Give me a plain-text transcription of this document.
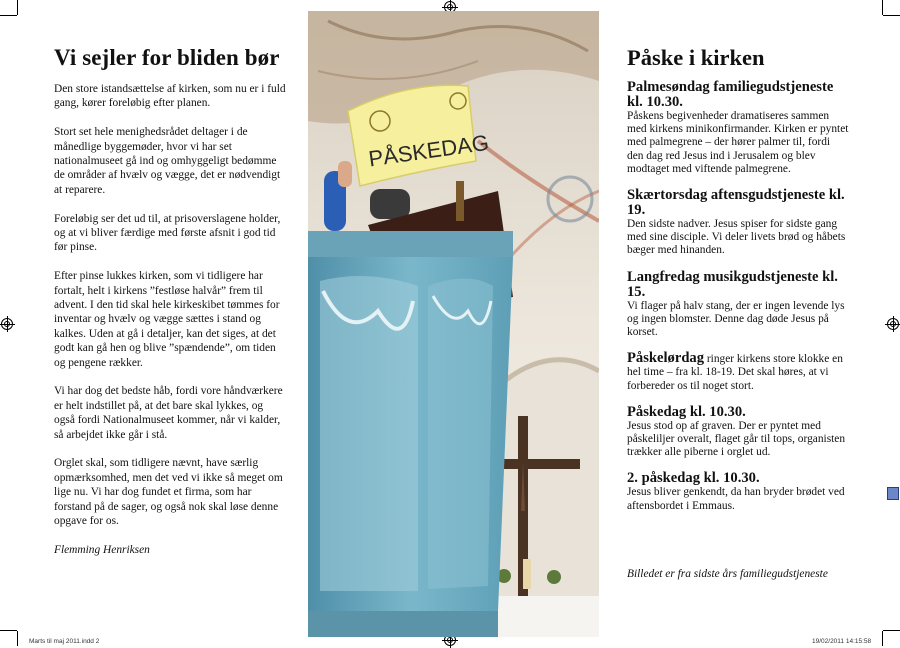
Vi sejler for bliden bør

Den store istandsættelse af kirken, som nu er i fuld gang, kører foreløbig efter planen.

Stort set hele menighedsrådet deltager i de månedlige byggemøder, hvor vi har set nationalmuseet gå ind og omhyggeligt bedømme de områder af hvælv og vægge, det er nødvendigt at reparere.

Foreløbig ser det ud til, at prisoverslagene holder, og at vi bliver færdige med første afsnit i god tid før pinse.

Efter pinse lukkes kirken, som vi tidligere har fortalt, helt i kirkens ”festløse halvår” frem til advent. I den tid skal hele kirkeskibet tømmes for inventar og hvælv og vægge sættes i stand og kalkes. Uden at gå i detaljer, kan det siges, at det godt kan gå hen og blive ”spændende”, om tiden og pengene rækker.

Vi har dog det bedste håb, fordi vore håndværkere er helt indstillet på, at det bare skal lykkes, og også fordi Nationalmuseet kommer, når vi kalder, så arbejdet ikke går i stå.

Orglet skal, som tidligere nævnt, have særlig opmærksomhed, men det ved vi ikke så meget om lige nu. Vi har dog fundet et firma, som har forstand på de sager, og også nok skal løse denne opgave for os.

Flemming Henriksen

PÅSKEDAG
Påske i kirken
Palmesøndag familiegudstjeneste kl. 10.30.
Påskens begivenheder dramatiseres sammen med kirkens minikonfirmander. Kirken er pyntet med palmegrene – der hører palmer til, fordi den dag red Jesus ind i Jerusalem og blev modtaget med viftende palmegrene.
Skærtorsdag aftensgudstjeneste kl. 19.
Den sidste nadver. Jesus spiser for sidste gang med sine disciple. Vi deler livets brød og håbets bæger med hinanden.
Langfredag musikgudstjeneste kl. 15.
Vi flager på halv stang, der er ingen levende lys og ingen blomster. Denne dag døde Jesus på korset.
Påskelørdag ringer kirkens store klokke en hel time – fra kl. 18-19. Det skal høres, at vi forbereder os til noget stort.
Påskedag kl. 10.30.
Jesus stod op af graven. Der er pyntet med påskeliljer overalt, flaget går til tops, organisten trækker alle piberne i orglet ud.
2. påskedag kl. 10.30.
Jesus bliver genkendt, da han bryder brødet ved aftensbordet i Emmaus.
Billedet er fra sidste års familiegudstjeneste
Marts til maj 2011.indd 2	19/02/2011 14:15:58
